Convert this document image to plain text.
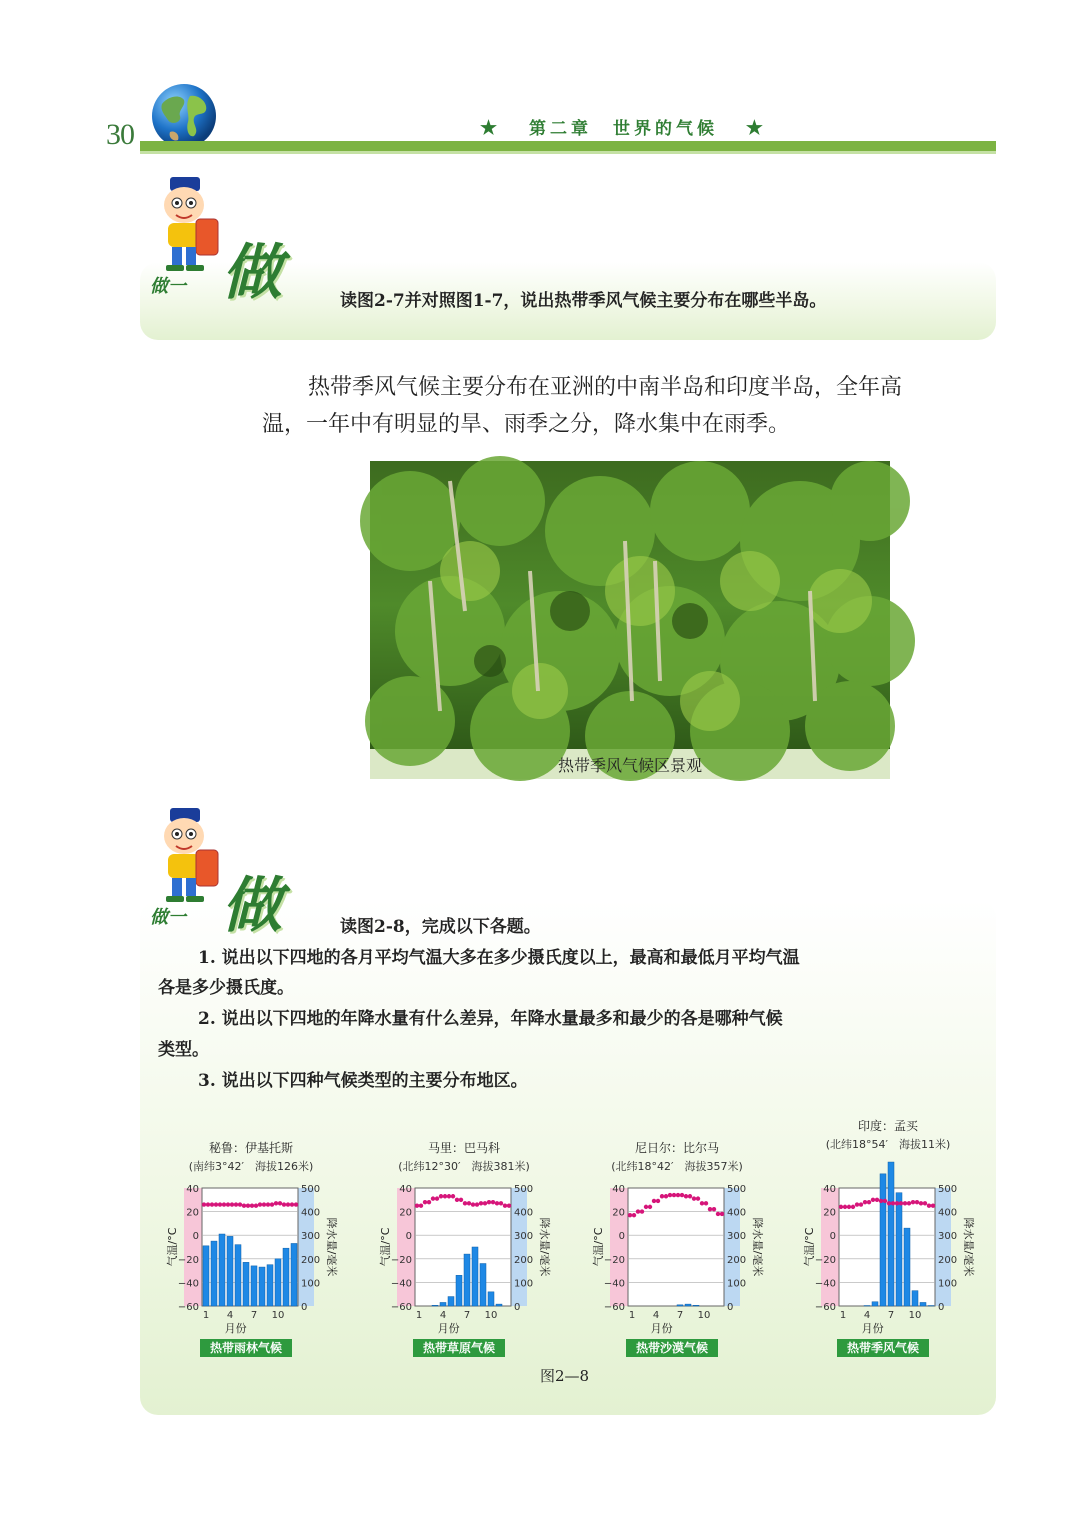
30	★ 第二章　世界的气候 ★
做一 做	读图2-7并对照图1-7，说出热带季风气候主要分布在哪些半岛。
热带季风气候主要分布在亚洲的中南半岛和印度半岛，全年高
温，一年中有明显的旱、雨季之分，降水集中在雨季。
热带季风气候区景观
做一 做	读图2-8，完成以下各题。
1. 说出以下四地的各月平均气温大多在多少摄氏度以上，最高和最低月平均气温
各是多少摄氏度。
2. 说出以下四地的年降水量有什么差异，年降水量最多和最少的各是哪种气候
类型。
3. 说出以下四种气候类型的主要分布地区。
秘鲁：伊基托斯
(南纬3°42′　海拔126米)
40
20
0
−20
−40
−60
500
400
300
200
100
0
气温/°C	降水量/毫米
1 4 7 10
月份
热带雨林气候
马里：巴马科
(北纬12°30′　海拔381米)
40
20
0
−20
−40
−60
500
400
300
200
100
0
气温/°C	降水量/毫米
1 4 7 10
月份
热带草原气候
尼日尔：比尔马
(北纬18°42′　海拔357米)
40
20
0
−20
−40
−60
500
400
300
200
100
0
气温/°C	降水量/毫米
1 4 7 10
月份
热带沙漠气候
印度：孟买
(北纬18°54′　海拔11米)
40
20
0
−20
−40
−60
500
400
300
200
100
0
气温/°C	降水量/毫米
1 4 7 10
月份
热带季风气候
图2—8
